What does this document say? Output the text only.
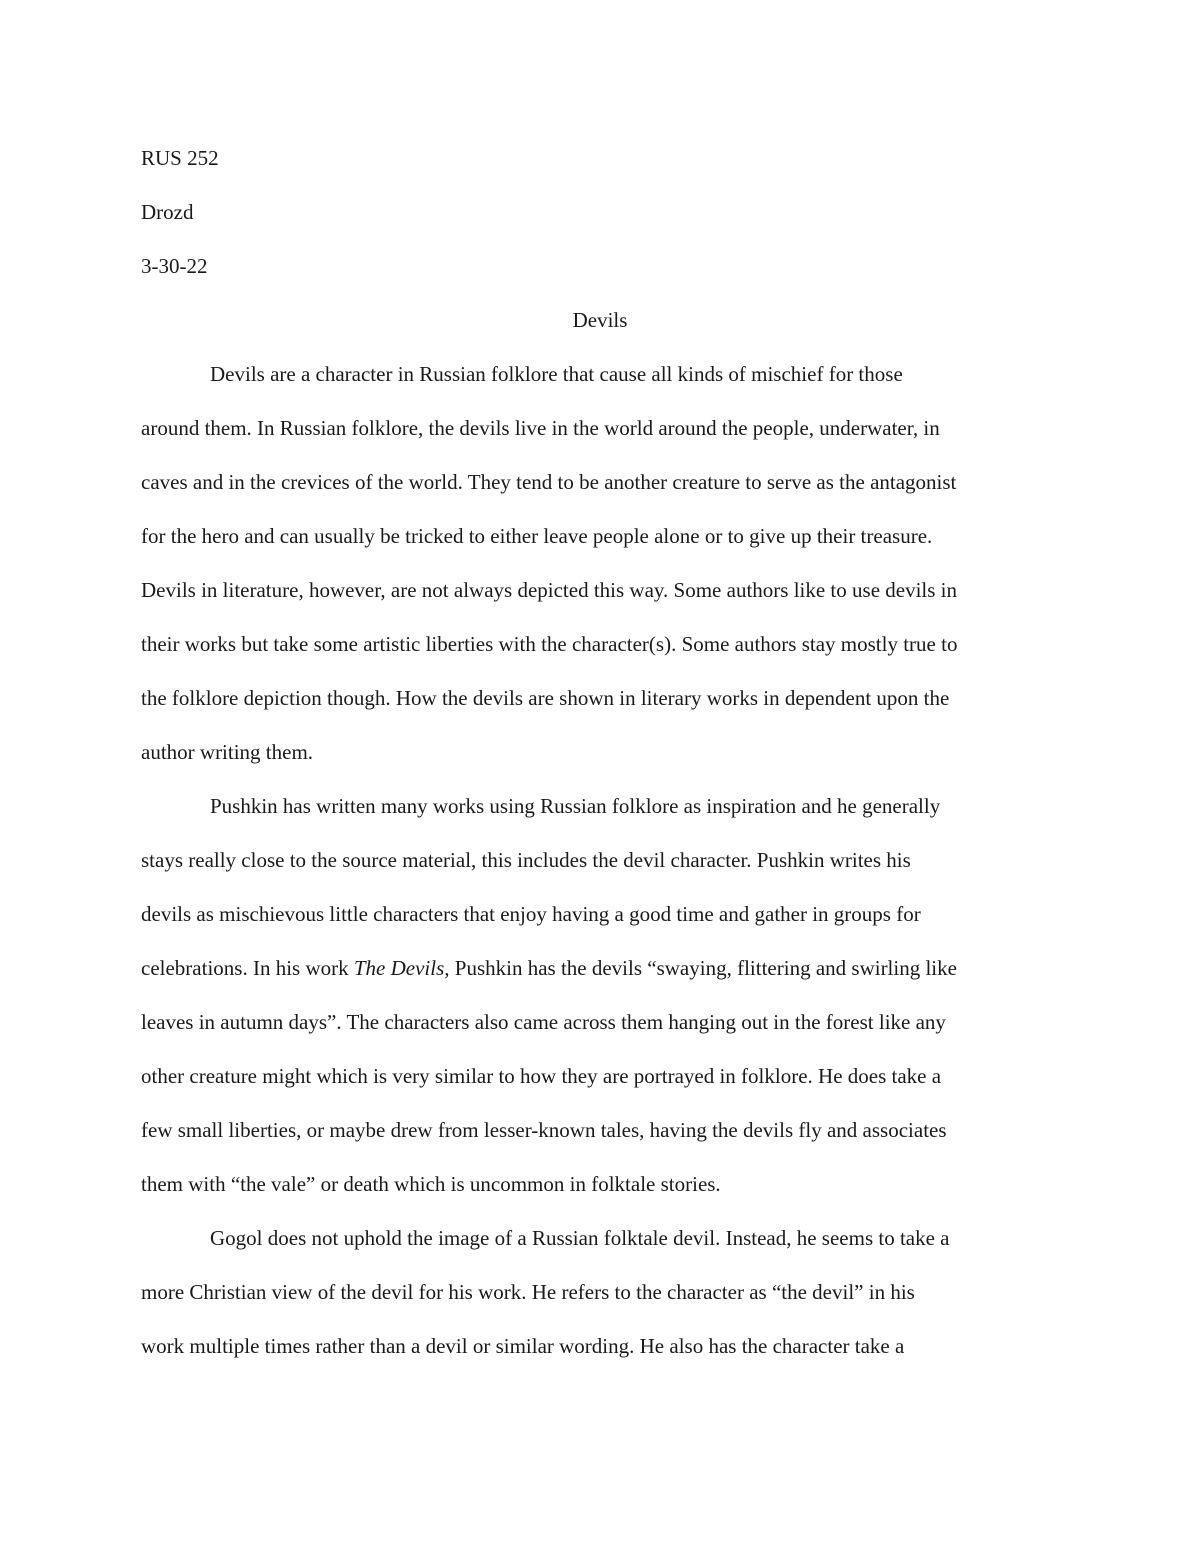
RUS 252
Drozd
3-30-22
Devils
Devils are a character in Russian folklore that cause all kinds of mischief for those
around them. In Russian folklore, the devils live in the world around the people, underwater, in
caves and in the crevices of the world. They tend to be another creature to serve as the antagonist
for the hero and can usually be tricked to either leave people alone or to give up their treasure.
Devils in literature, however, are not always depicted this way. Some authors like to use devils in
their works but take some artistic liberties with the character(s). Some authors stay mostly true to
the folklore depiction though. How the devils are shown in literary works in dependent upon the
author writing them.
Pushkin has written many works using Russian folklore as inspiration and he generally
stays really close to the source material, this includes the devil character. Pushkin writes his
devils as mischievous little characters that enjoy having a good time and gather in groups for
celebrations. In his work The Devils, Pushkin has the devils “swaying, flittering and swirling like
leaves in autumn days”. The characters also came across them hanging out in the forest like any
other creature might which is very similar to how they are portrayed in folklore. He does take a
few small liberties, or maybe drew from lesser-known tales, having the devils fly and associates
them with “the vale” or death which is uncommon in folktale stories.
Gogol does not uphold the image of a Russian folktale devil. Instead, he seems to take a
more Christian view of the devil for his work. He refers to the character as “the devil” in his
work multiple times rather than a devil or similar wording. He also has the character take a
